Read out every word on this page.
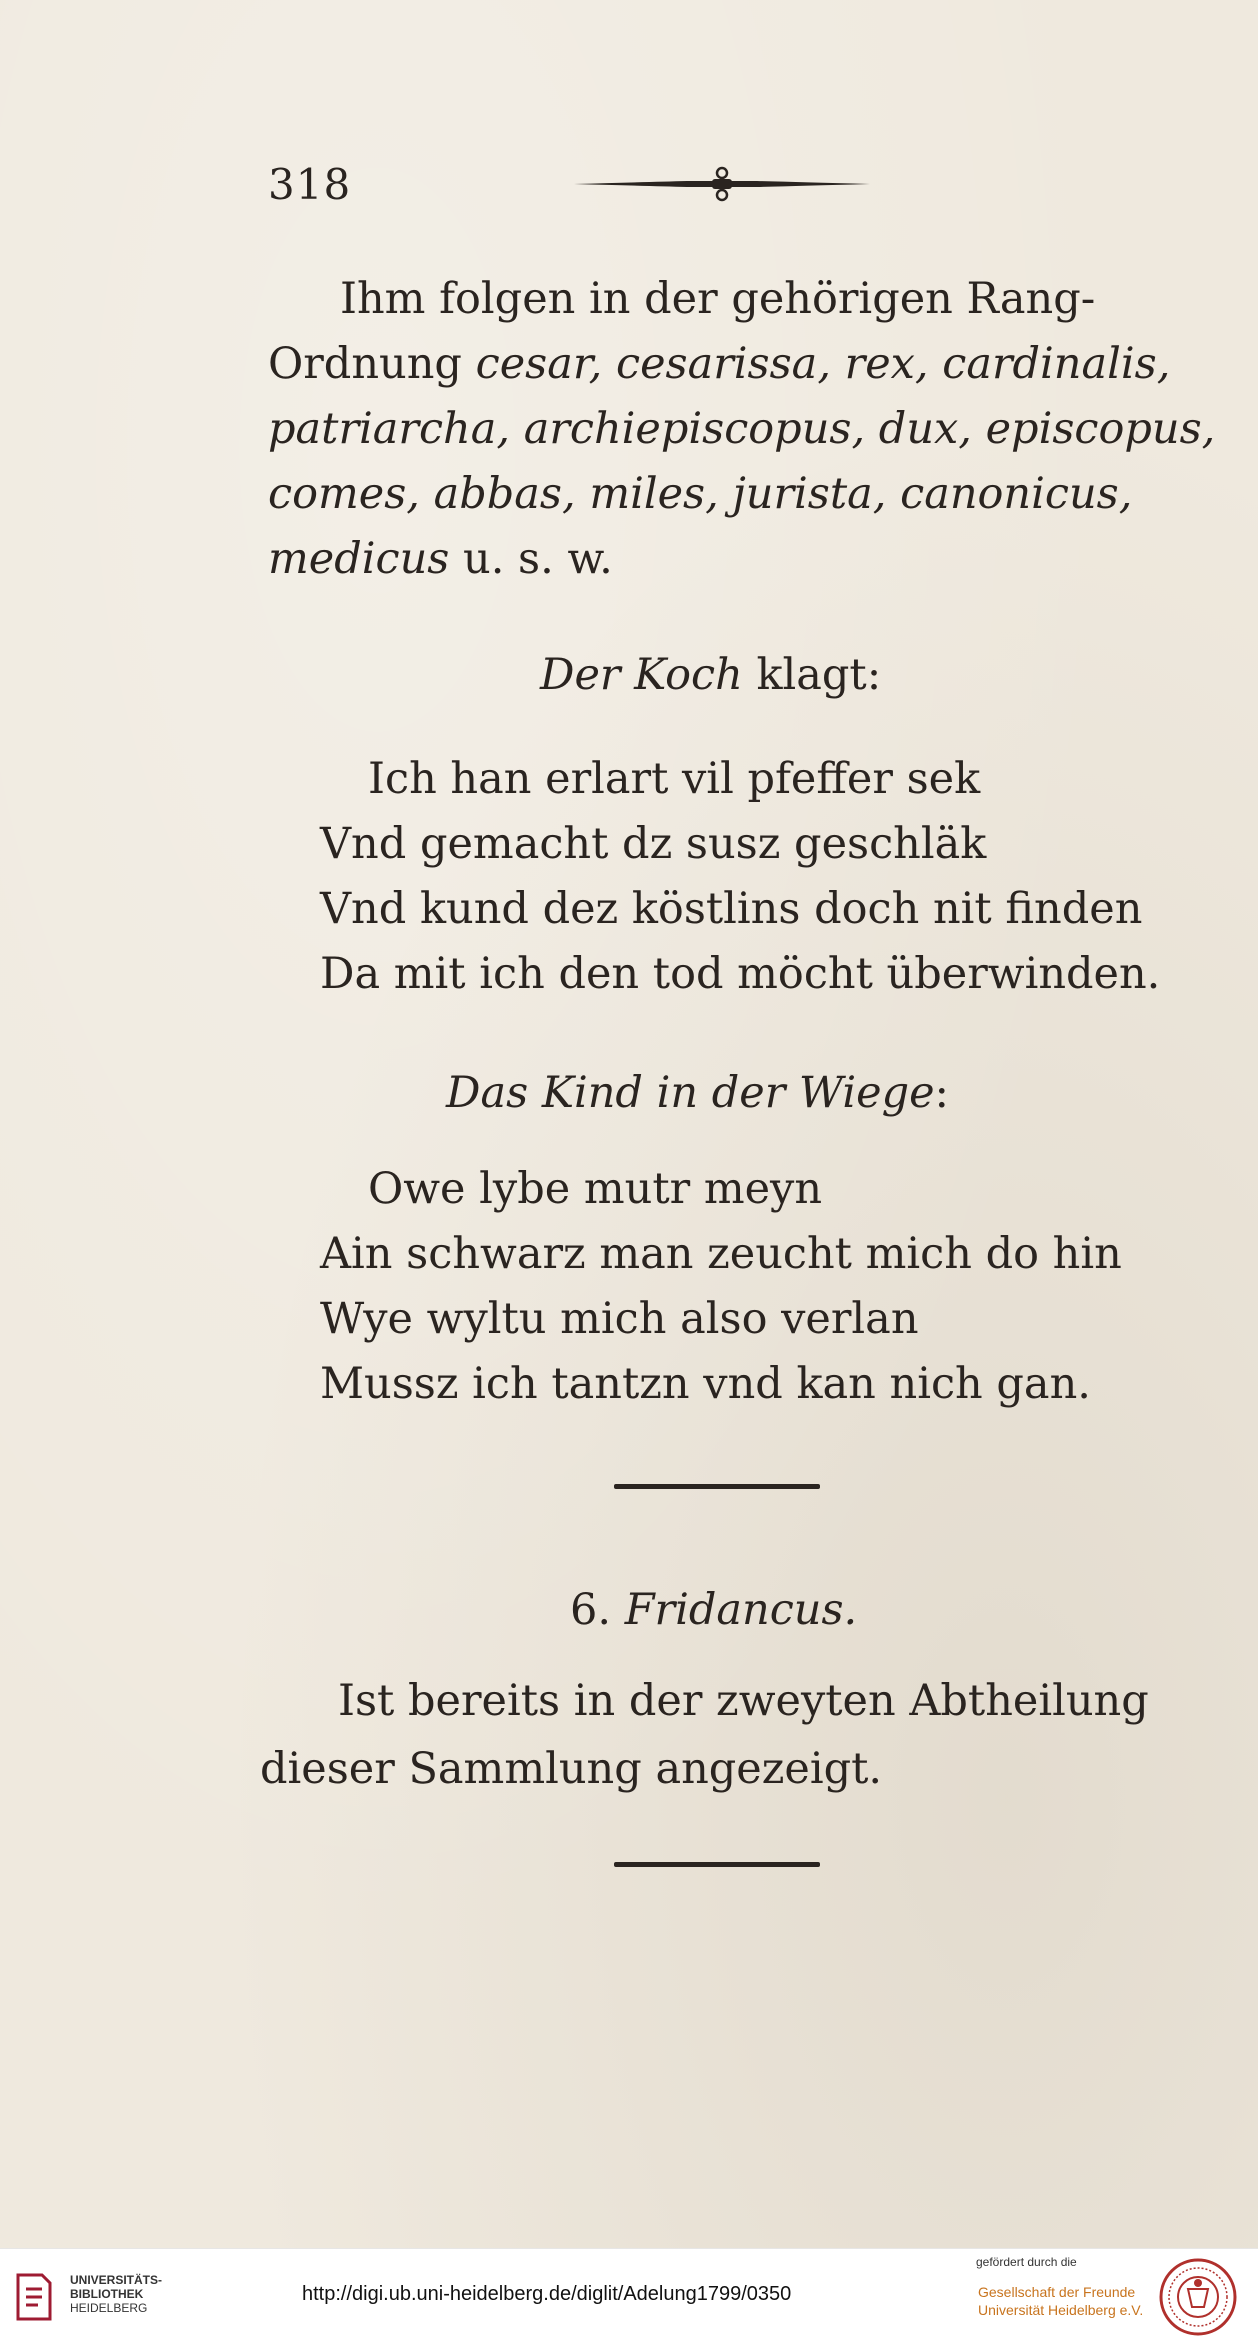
318
Ihm folgen in der gehörigen Rang-
Ordnung cesar, cesarissa, rex, cardinalis,
patriarcha, archiepiscopus, dux, episcopus,
comes, abbas, miles, jurista, canonicus,
medicus u. s. w.
Der Koch klagt:
Ich han erlart vil pfeffer sek
Vnd gemacht dz susz geschläk
Vnd kund dez köstlins doch nit finden
Da mit ich den tod möcht überwinden.
Das Kind in der Wiege:
Owe lybe mutr meyn
Ain schwarz man zeucht mich do hin
Wye wyltu mich also verlan
Mussz ich tantzn vnd kan nich gan.
6. Fridancus.
Ist bereits in der zweyten Abtheilung
dieser Sammlung angezeigt.
UNIVERSITÄTS-
BIBLIOTHEK
HEIDELBERG
http://digi.ub.uni-heidelberg.de/diglit/Adelung1799/0350
gefördert durch die
Gesellschaft der Freunde
Universität Heidelberg e.V.
